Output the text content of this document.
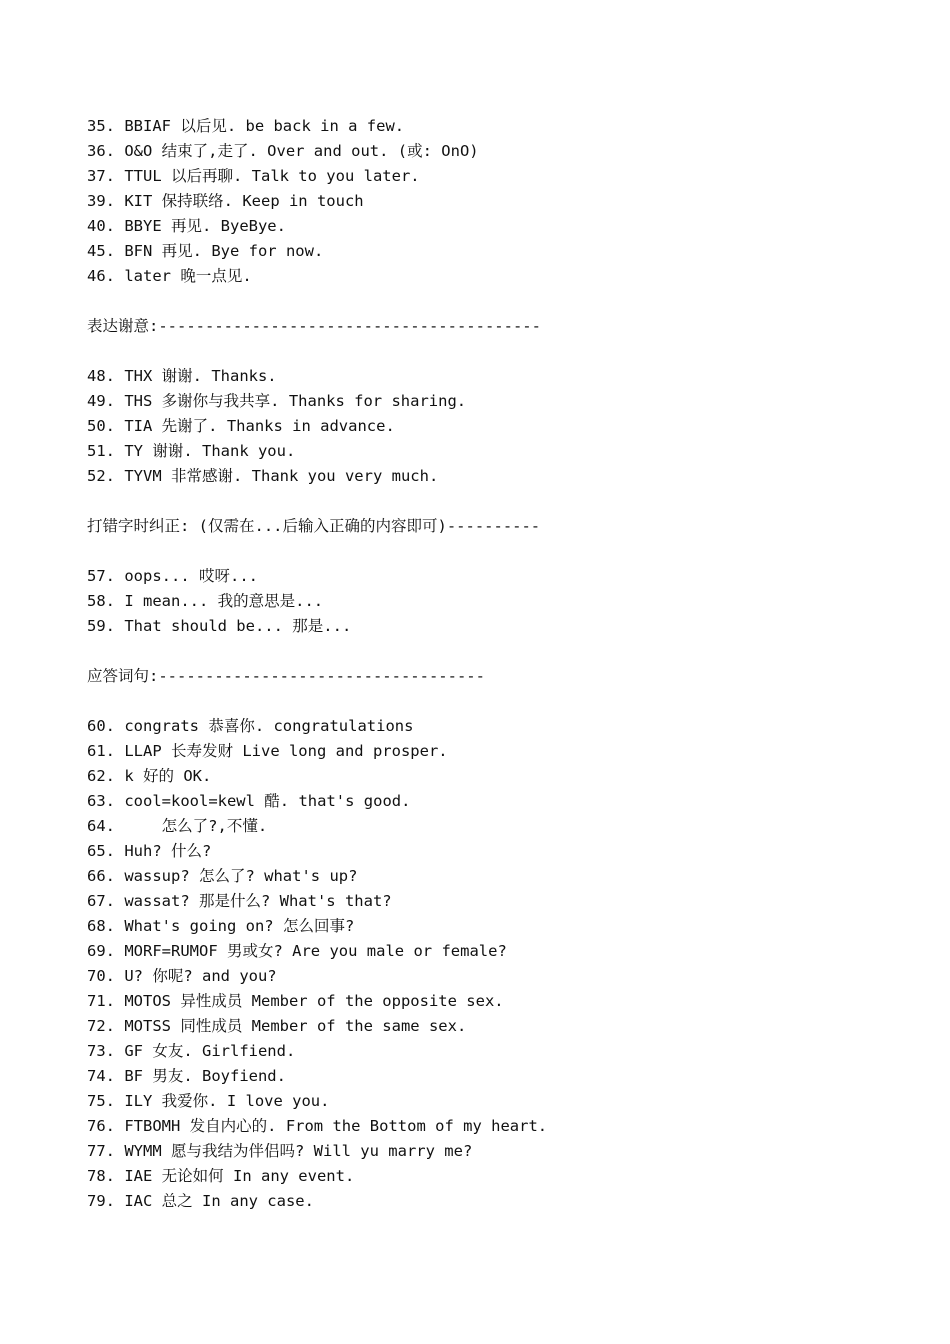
35. BBIAF 以后见. be back in a few.
36. O&O 结束了,走了. Over and out. (或: OnO)
37. TTUL 以后再聊. Talk to you later.
39. KIT 保持联络. Keep in touch
40. BBYE 再见. ByeBye.
45. BFN 再见. Bye for now.
46. later 晚一点见.
表达谢意:-----------------------------------------
48. THX 谢谢. Thanks.
49. THS 多谢你与我共享. Thanks for sharing.
50. TIA 先谢了. Thanks in advance.
51. TY 谢谢. Thank you.
52. TYVM 非常感谢. Thank you very much.
打错字时纠正: (仅需在...后输入正确的内容即可)----------
57. oops... 哎呀...
58. I mean... 我的意思是...
59. That should be... 那是...
应答词句:-----------------------------------
60. congrats 恭喜你. congratulations
61. LLAP 长寿发财 Live long and prosper.
62. k 好的 OK.
63. cool=kool=kewl 酷. that's good.
64.     怎么了?,不懂.
65. Huh? 什么?
66. wassup? 怎么了? what's up?
67. wassat? 那是什么? What's that?
68. What's going on? 怎么回事?
69. MORF=RUMOF 男或女? Are you male or female?
70. U? 你呢? and you?
71. MOTOS 异性成员 Member of the opposite sex.
72. MOTSS 同性成员 Member of the same sex.
73. GF 女友. Girlfiend.
74. BF 男友. Boyfiend.
75. ILY 我爱你. I love you.
76. FTBOMH 发自内心的. From the Bottom of my heart.
77. WYMM 愿与我结为伴侣吗? Will yu marry me?
78. IAE 无论如何 In any event.
79. IAC 总之 In any case.
